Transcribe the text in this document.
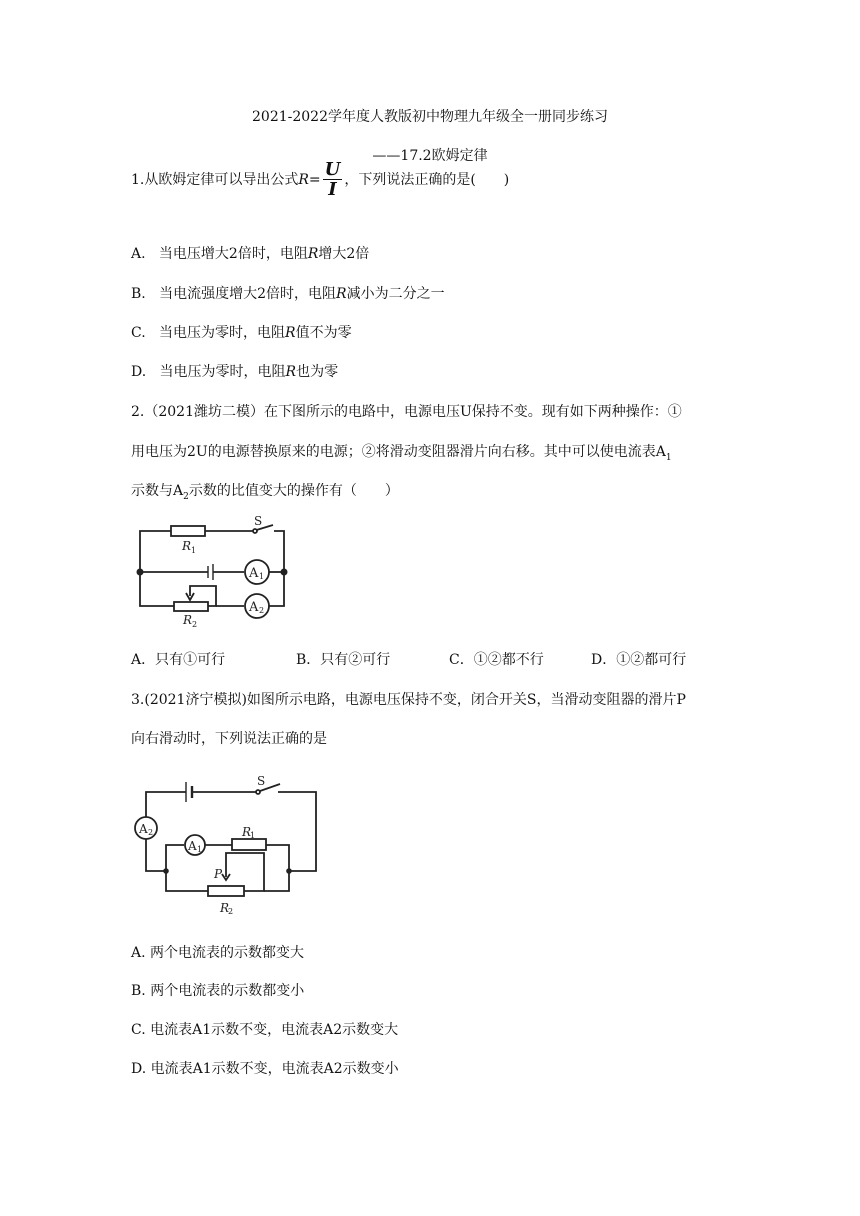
2021-2022学年度人教版初中物理九年级全一册同步练习
——17.2欧姆定律
1.从欧姆定律可以导出公式$R= \frac{U}{I}$ ，下列说法正确的是(　　)
A. 当电压增大2倍时，电阻R增大2倍
B. 当电流强度增大2倍时，电阻R减小为二分之一
C. 当电压为零时，电阻R值不为零
D. 当电压为零时，电阻R也为零
2.（2021潍坊二模）在下图所示的电路中，电源电压U保持不变。现有如下两种操作：①
用电压为2U的电源替换原来的电源；②将滑动变阻器滑片向右移。其中可以使电流表$A_1$
示数与$A_2$示数的比值变大的操作有（　　）
S
R 1
R 2
A 1
A 2
A．只有①可行	B．只有②可行	C．①②都不行	D．①②都可行
3.(2021济宁模拟)如图所示电路，电源电压保持不变，闭合开关S，当滑动变阻器的滑片P
向右滑动时，下列说法正确的是
S
P
R
1
R
2
A 2
A 1
A. 两个电流表的示数都变大
B. 两个电流表的示数都变小
C. 电流表A1示数不变，电流表A2示数变大
D. 电流表A1示数不变，电流表A2示数变小
